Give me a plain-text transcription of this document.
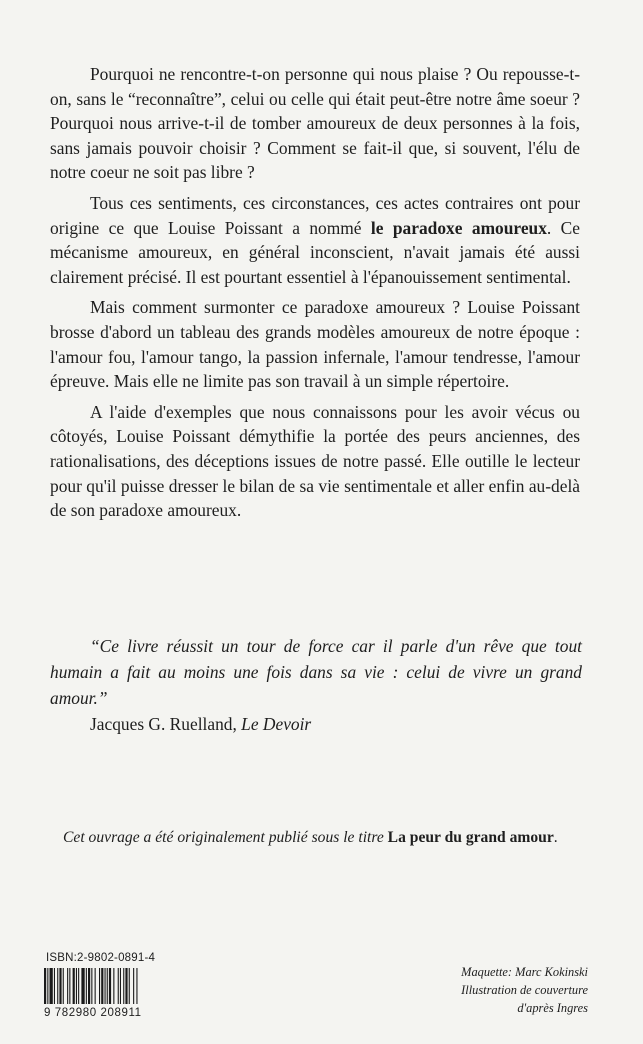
Pourquoi ne rencontre-t-on personne qui nous plaise ? Ou repousse-t-on, sans le “reconnaître”, celui ou celle qui était peut-être notre âme soeur ? Pourquoi nous arrive-t-il de tomber amoureux de deux personnes à la fois, sans jamais pouvoir choisir ? Comment se fait-il que, si souvent, l'élu de notre coeur ne soit pas libre ?

Tous ces sentiments, ces circonstances, ces actes contraires ont pour origine ce que Louise Poissant a nommé le paradoxe amoureux. Ce mécanisme amoureux, en général inconscient, n'avait jamais été aussi clairement précisé. Il est pourtant essentiel à l'épanouissement sentimental.

Mais comment surmonter ce paradoxe amoureux ? Louise Poissant brosse d'abord un tableau des grands modèles amoureux de notre époque : l'amour fou, l'amour tango, la passion infernale, l'amour tendresse, l'amour épreuve. Mais elle ne limite pas son travail à un simple répertoire.

A l'aide d'exemples que nous connaissons pour les avoir vécus ou côtoyés, Louise Poissant démythifie la portée des peurs anciennes, des rationalisations, des déceptions issues de notre passé. Elle outille le lecteur pour qu'il puisse dresser le bilan de sa vie sentimentale et aller enfin au-delà de son paradoxe amoureux.

“Ce livre réussit un tour de force car il parle d'un rêve que tout humain a fait au moins une fois dans sa vie : celui de vivre un grand amour.”

Jacques G. Ruelland, Le Devoir

Cet ouvrage a été originalement publié sous le titre La peur du grand amour.
ISBN:2-9802-0891-4
9 782980 208911
Maquette: Marc Kokinski
Illustration de couverture
d'après Ingres
